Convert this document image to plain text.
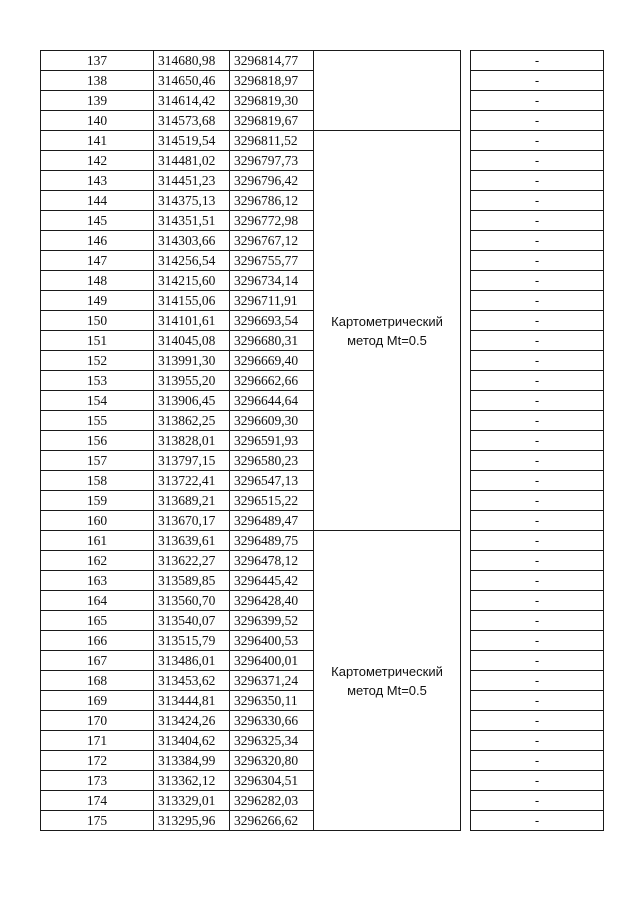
137	314680,98	3296814,77			-
138	314650,46	3296818,97			-
139	314614,42	3296819,30			-
140	314573,68	3296819,67			-
141	314519,54	3296811,52	Картометрический метод Mt=0.5		-
142	314481,02	3296797,73			-
143	314451,23	3296796,42			-
144	314375,13	3296786,12			-
145	314351,51	3296772,98			-
146	314303,66	3296767,12			-
147	314256,54	3296755,77			-
148	314215,60	3296734,14			-
149	314155,06	3296711,91			-
150	314101,61	3296693,54			-
151	314045,08	3296680,31			-
152	313991,30	3296669,40			-
153	313955,20	3296662,66			-
154	313906,45	3296644,64			-
155	313862,25	3296609,30			-
156	313828,01	3296591,93			-
157	313797,15	3296580,23			-
158	313722,41	3296547,13			-
159	313689,21	3296515,22			-
160	313670,17	3296489,47			-
161	313639,61	3296489,75	Картометрический метод Mt=0.5		-
162	313622,27	3296478,12			-
163	313589,85	3296445,42			-
164	313560,70	3296428,40			-
165	313540,07	3296399,52			-
166	313515,79	3296400,53			-
167	313486,01	3296400,01			-
168	313453,62	3296371,24			-
169	313444,81	3296350,11			-
170	313424,26	3296330,66			-
171	313404,62	3296325,34			-
172	313384,99	3296320,80			-
173	313362,12	3296304,51			-
174	313329,01	3296282,03			-
175	313295,96	3296266,62			-
